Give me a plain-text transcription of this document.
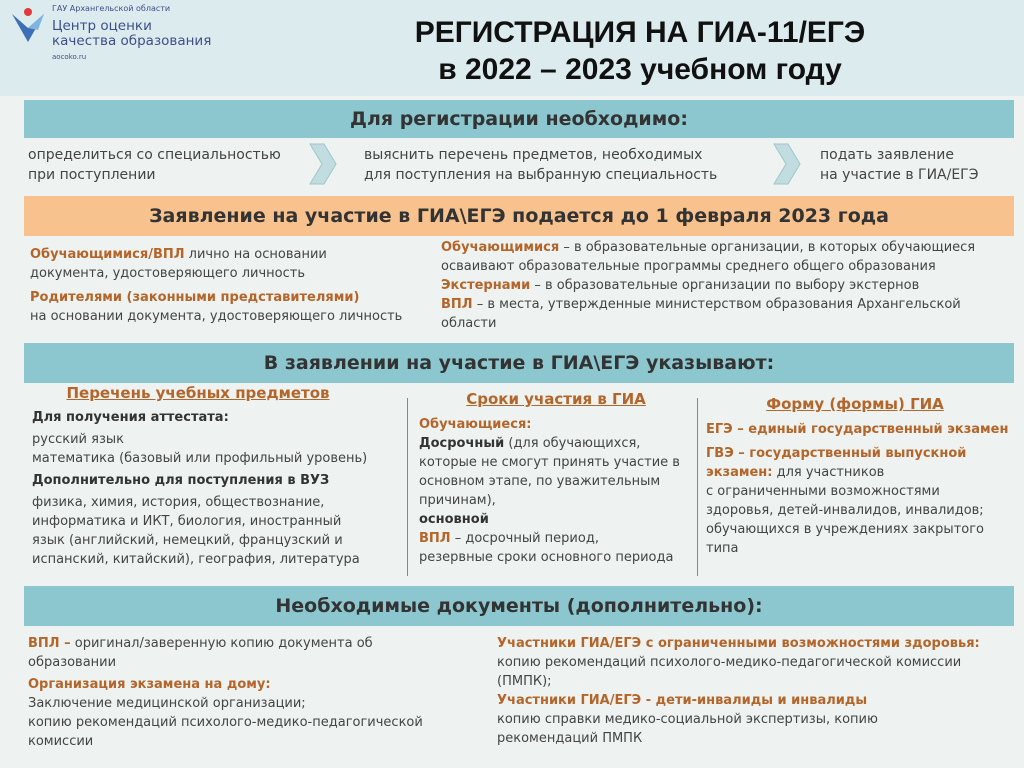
ГАУ Архангельской области
Центр оценки
качества образования
aocoko.ru
РЕГИСТРАЦИЯ НА ГИА-11/ЕГЭ
в 2022 – 2023 учебном году
Для регистрации необходимо:
определиться со специальностью
при поступлении
выяснить перечень предметов, необходимых
для поступления на выбранную специальность
подать заявление
на участие в ГИА/ЕГЭ
Заявление на участие в ГИА\ЕГЭ подается до 1 февраля 2023 года
Обучающимися/ВПЛ лично на основании
документа, удостоверяющего личность
Родителями (законными представителями)
на основании документа, удостоверяющего личность
Обучающимися – в образовательные организации, в которых обучающиеся
осваивают образовательные программы среднего общего образования
Экстернами – в образовательные организации по выбору экстернов
ВПЛ – в места, утвержденные министерством образования Архангельской
области
В заявлении на участие в ГИА\ЕГЭ указывают:
Перечень учебных предметов
Для получения аттестата:
русский язык
математика (базовый или профильный уровень)
Дополнительно для поступления в ВУЗ
физика, химия, история, обществознание,
информатика и ИКТ, биология, иностранный
язык (английский, немецкий, французский и
испанский, китайский), география, литература
Сроки участия в ГИА
Обучающиеся:
Досрочный (для обучающихся,
которые не смогут принять участие в
основном этапе, по уважительным
причинам),
основной
ВПЛ – досрочный период,
резервные сроки основного периода
Форму (формы) ГИА
ЕГЭ – единый государственный экзамен
ГВЭ – государственный выпускной
экзамен: для участников
с ограниченными возможностями
здоровья, детей-инвалидов, инвалидов;
обучающихся в учреждениях закрытого
типа
Необходимые документы (дополнительно):
ВПЛ – оригинал/заверенную копию документа об
образовании
Организация экзамена на дому:
Заключение медицинской организации;
копию рекомендаций психолого-медико-педагогической
комиссии
Участники ГИА/ЕГЭ с ограниченными возможностями здоровья:
копию рекомендаций психолого-медико-педагогической комиссии
(ПМПК);
Участники ГИА/ЕГЭ - дети-инвалиды и инвалиды
копию справки медико-социальной экспертизы, копию
рекомендаций ПМПК
